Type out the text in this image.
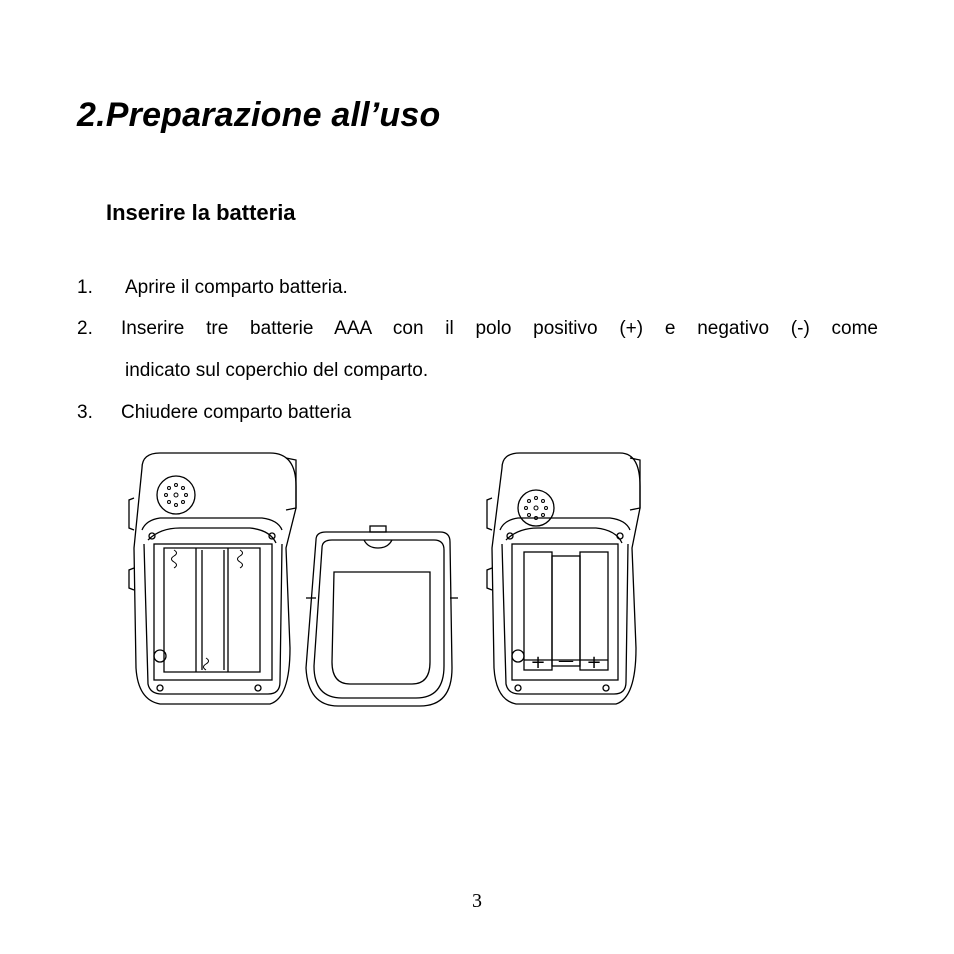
2.Preparazione all’uso
Inserire la batteria
1. Aprire il comparto batteria.
2. Inserire tre batterie AAA con il polo positivo (+) e negativo (-) come
indicato sul coperchio del comparto.
3. Chiudere comparto batteria
+ — +
3
